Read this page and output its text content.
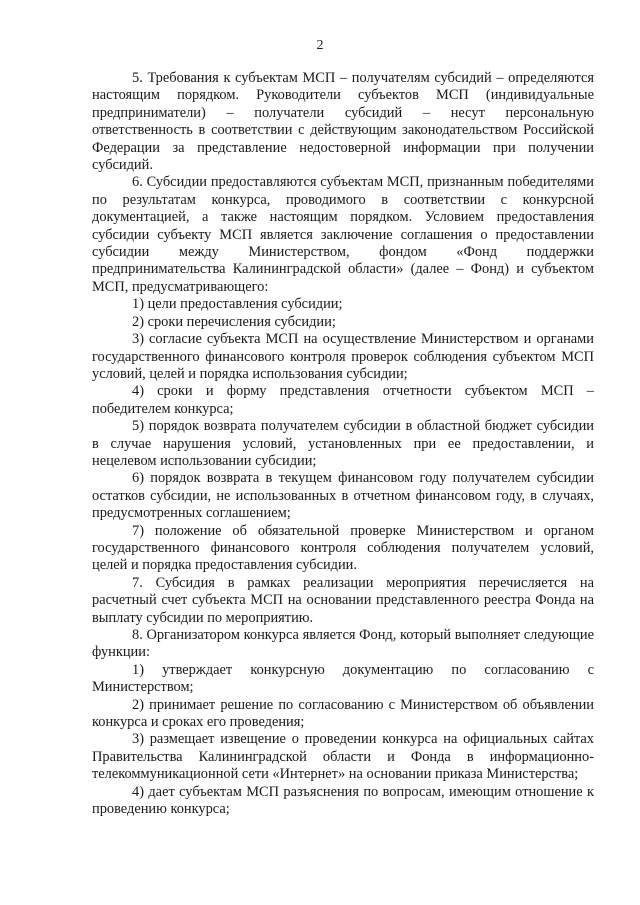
2

5. Требования к субъектам МСП – получателям субсидий – определяются настоящим порядком. Руководители субъектов МСП (индивидуальные предприниматели) – получатели субсидий – несут персональную ответственность в соответствии с действующим законодательством Российской Федерации за представление недостоверной информации при получении субсидий.

6. Субсидии предоставляются субъектам МСП, признанным победителями по результатам конкурса, проводимого в соответствии с конкурсной документацией, а также настоящим порядком. Условием предоставления субсидии субъекту МСП является заключение соглашения о предоставлении субсидии между Министерством, фондом «Фонд поддержки предпринимательства Калининградской области» (далее – Фонд) и субъектом МСП, предусматривающего:

1) цели предоставления субсидии;

2) сроки перечисления субсидии;

3) согласие субъекта МСП на осуществление Министерством и органами государственного финансового контроля проверок соблюдения субъектом МСП условий, целей и порядка использования субсидии;

4) сроки и форму представления отчетности субъектом МСП – победителем конкурса;

5) порядок возврата получателем субсидии в областной бюджет субсидии в случае нарушения условий, установленных при ее предоставлении, и нецелевом использовании субсидии;

6) порядок возврата в текущем финансовом году получателем субсидии остатков субсидии, не использованных в отчетном финансовом году, в случаях, предусмотренных соглашением;

7) положение об обязательной проверке Министерством и органом государственного финансового контроля соблюдения получателем условий, целей и порядка предоставления субсидии.

7. Субсидия в рамках реализации мероприятия перечисляется на расчетный счет субъекта МСП на основании представленного реестра Фонда на выплату субсидии по мероприятию.

8. Организатором конкурса является Фонд, который выполняет следующие функции:

1) утверждает конкурсную документацию по согласованию с Министерством;

2) принимает решение по согласованию с Министерством об объявлении конкурса и сроках его проведения;

3) размещает извещение о проведении конкурса на официальных сайтах Правительства Калининградской области и Фонда в информационно-телекоммуникационной сети «Интернет» на основании приказа Министерства;

4) дает субъектам МСП разъяснения по вопросам, имеющим отношение к проведению конкурса;
